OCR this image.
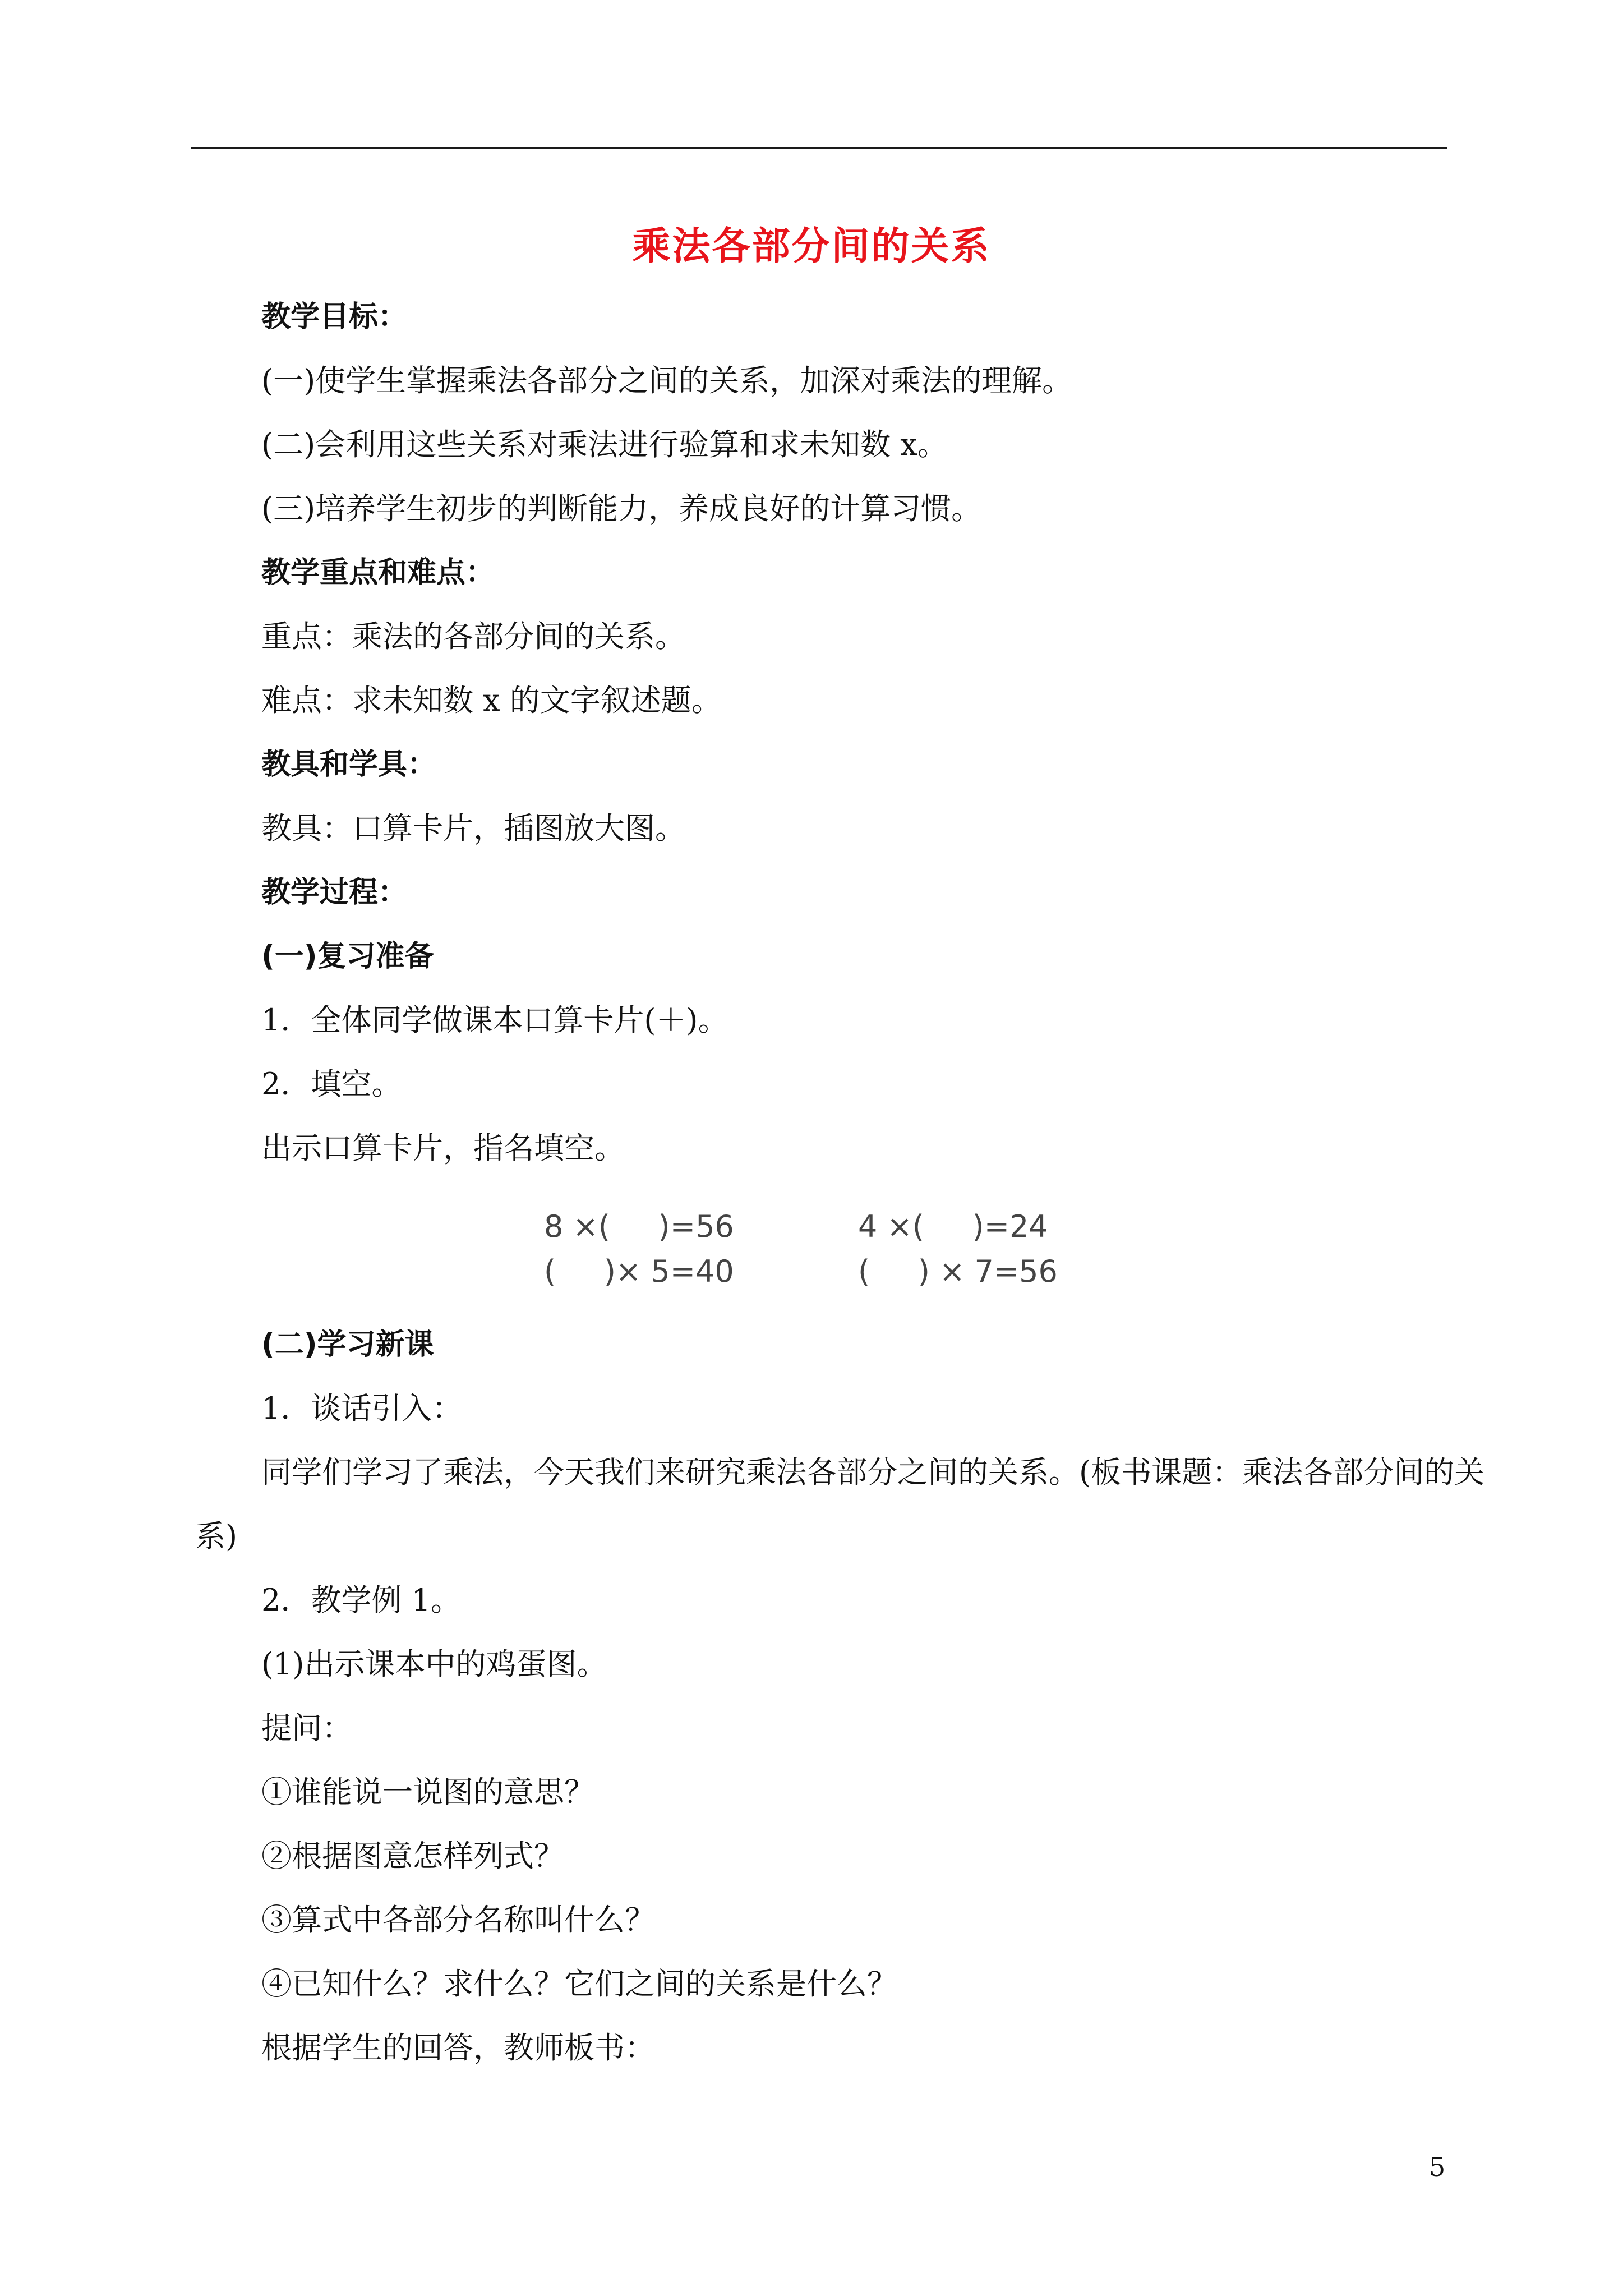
乘法各部分间的关系
教学目标：
(一)使学生掌握乘法各部分之间的关系，加深对乘法的理解。
(二)会利用这些关系对乘法进行验算和求未知数 x。
(三)培养学生初步的判断能力，养成良好的计算习惯。
教学重点和难点：
重点：乘法的各部分间的关系。
难点：求未知数 x 的文字叙述题。
教具和学具：
教具：口算卡片，插图放大图。
教学过程：
(一)复习准备
1．全体同学做课本口算卡片(＋)。
2．填空。
出示口算卡片，指名填空。
8 ×(     )=56	4 ×(     )=24
(     )× 5=40	(     ) × 7=56
(二)学习新课
1．谈话引入：
同学们学习了乘法，今天我们来研究乘法各部分之间的关系。(板书课题：乘法各部分间的关
系)
2．教学例 1。
(1)出示课本中的鸡蛋图。
提问：
①谁能说一说图的意思？
②根据图意怎样列式？
③算式中各部分名称叫什么？
④已知什么？求什么？它们之间的关系是什么？
根据学生的回答，教师板书：
5
